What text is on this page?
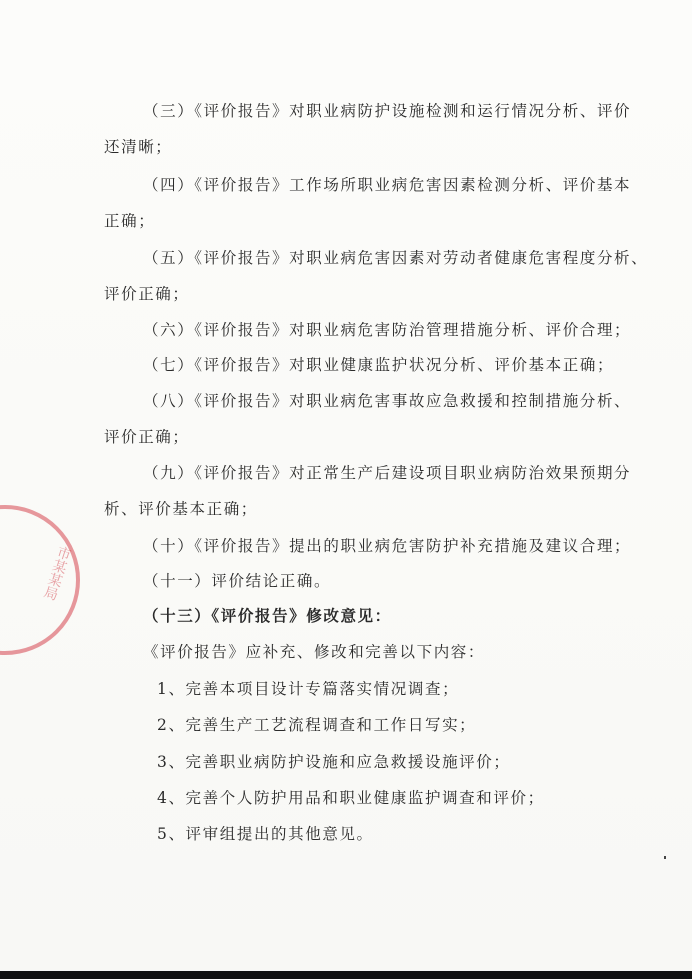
市某某局
（三）《评价报告》对职业病防护设施检测和运行情况分析、评价
还清晰；
（四）《评价报告》工作场所职业病危害因素检测分析、评价基本
正确；
（五）《评价报告》对职业病危害因素对劳动者健康危害程度分析、
评价正确；
（六）《评价报告》对职业病危害防治管理措施分析、评价合理；
（七）《评价报告》对职业健康监护状况分析、评价基本正确；
（八）《评价报告》对职业病危害事故应急救援和控制措施分析、
评价正确；
（九）《评价报告》对正常生产后建设项目职业病防治效果预期分
析、评价基本正确；
（十）《评价报告》提出的职业病危害防护补充措施及建议合理；
（十一）评价结论正确。
（十三）《评价报告》修改意见：
《评价报告》应补充、修改和完善以下内容：
1、完善本项目设计专篇落实情况调查；
2、完善生产工艺流程调查和工作日写实；
3、完善职业病防护设施和应急救援设施评价；
4、完善个人防护用品和职业健康监护调查和评价；
5、评审组提出的其他意见。
